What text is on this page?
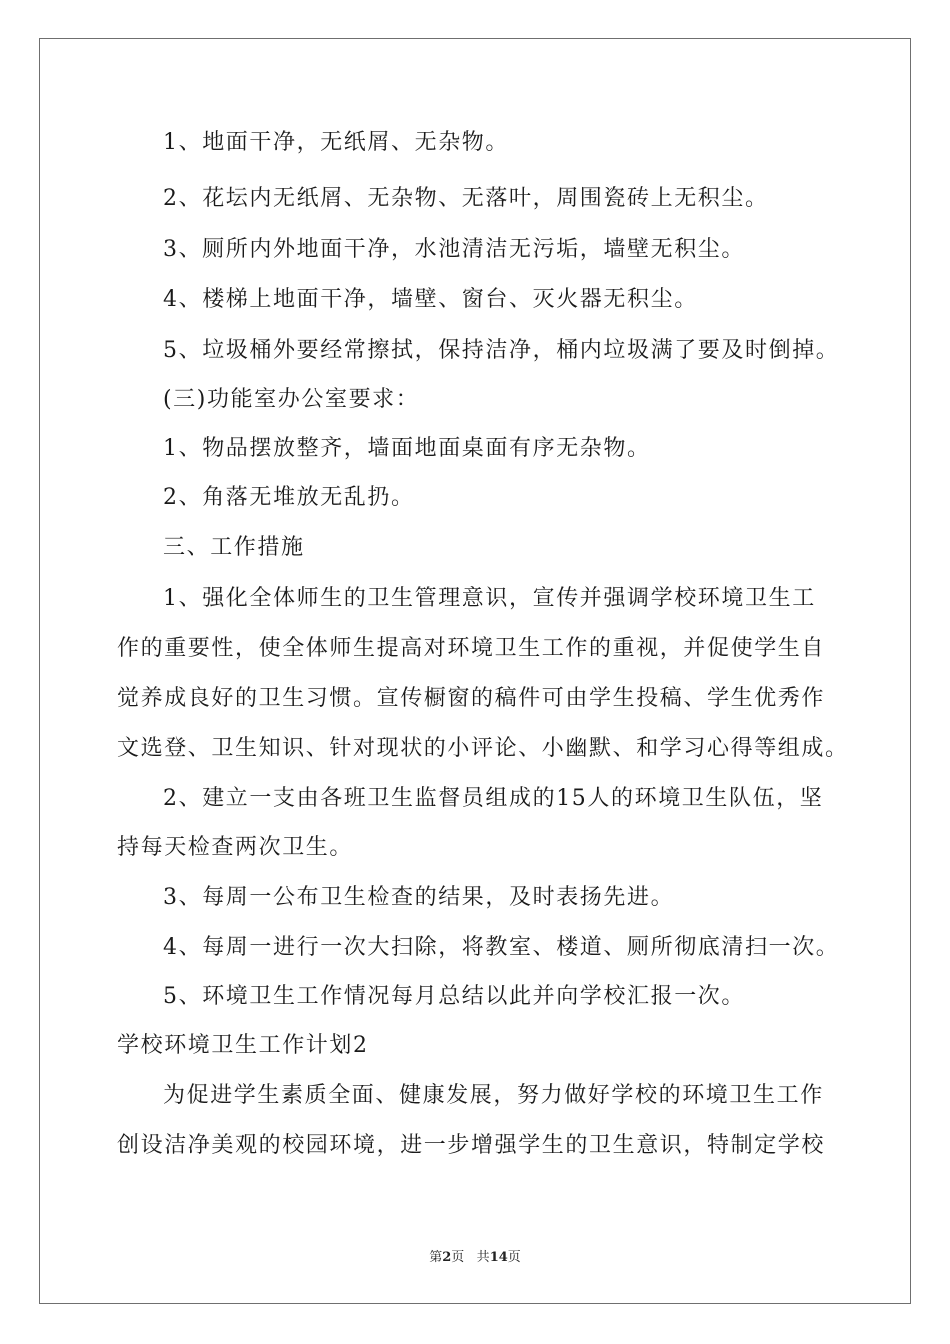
1、地面干净，无纸屑、无杂物。
2、花坛内无纸屑、无杂物、无落叶，周围瓷砖上无积尘。
3、厕所内外地面干净，水池清洁无污垢，墙壁无积尘。
4、楼梯上地面干净，墙壁、窗台、灭火器无积尘。
5、垃圾桶外要经常擦拭，保持洁净，桶内垃圾满了要及时倒掉。
(三)功能室办公室要求：
1、物品摆放整齐，墙面地面桌面有序无杂物。
2、角落无堆放无乱扔。
三、工作措施
1、强化全体师生的卫生管理意识，宣传并强调学校环境卫生工
作的重要性，使全体师生提高对环境卫生工作的重视，并促使学生自
觉养成良好的卫生习惯。宣传橱窗的稿件可由学生投稿、学生优秀作
文选登、卫生知识、针对现状的小评论、小幽默、和学习心得等组成。
2、建立一支由各班卫生监督员组成的15人的环境卫生队伍，坚
持每天检查两次卫生。
3、每周一公布卫生检查的结果，及时表扬先进。
4、每周一进行一次大扫除，将教室、楼道、厕所彻底清扫一次。
5、环境卫生工作情况每月总结以此并向学校汇报一次。
学校环境卫生工作计划2
为促进学生素质全面、健康发展，努力做好学校的环境卫生工作
创设洁净美观的校园环境，进一步增强学生的卫生意识，特制定学校
第2页 共14页
